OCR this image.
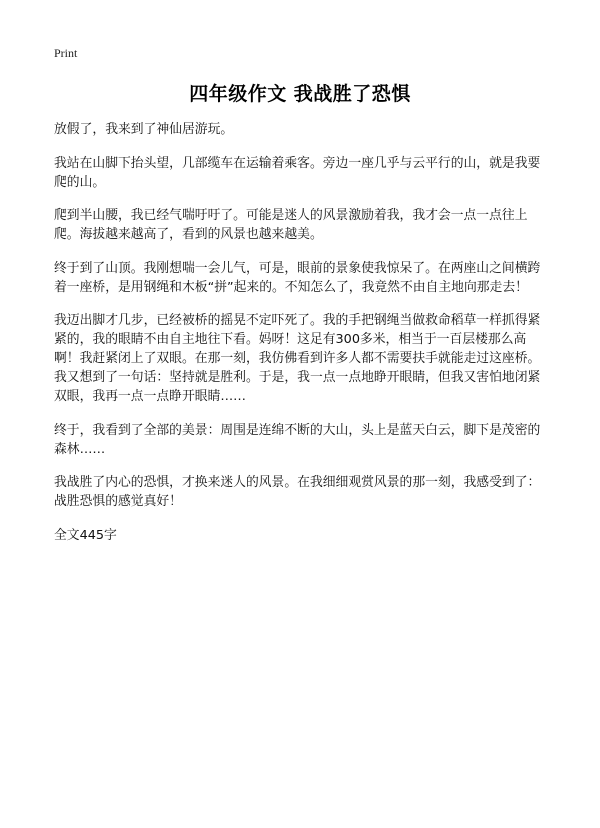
Print
四年级作文 我战胜了恐惧

放假了，我来到了神仙居游玩。

我站在山脚下抬头望，几部缆车在运输着乘客。旁边一座几乎与云平行的山，就是我要爬的山。

爬到半山腰，我已经气喘吁吁了。可能是迷人的风景激励着我，我才会一点一点往上爬。海拔越来越高了，看到的风景也越来越美。

终于到了山顶。我刚想喘一会儿气，可是，眼前的景象使我惊呆了。在两座山之间横跨着一座桥，是用钢绳和木板“拼”起来的。不知怎么了，我竟然不由自主地向那走去！

我迈出脚才几步，已经被桥的摇晃不定吓死了。我的手把钢绳当做救命稻草一样抓得紧紧的，我的眼睛不由自主地往下看。妈呀！这足有300多米，相当于一百层楼那么高啊！我赶紧闭上了双眼。在那一刻，我仿佛看到许多人都不需要扶手就能走过这座桥。我又想到了一句话：坚持就是胜利。于是，我一点一点地睁开眼睛，但我又害怕地闭紧双眼，我再一点一点睁开眼睛……

终于，我看到了全部的美景：周围是连绵不断的大山，头上是蓝天白云，脚下是茂密的森林……

我战胜了内心的恐惧，才换来迷人的风景。在我细细观赏风景的那一刻，我感受到了：战胜恐惧的感觉真好！

全文445字
